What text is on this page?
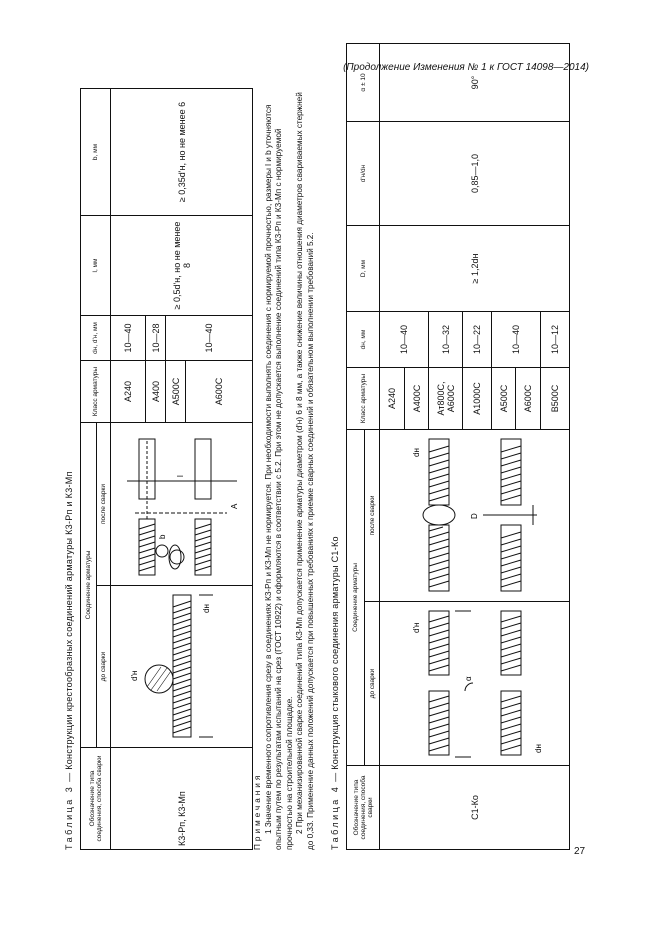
(Продолжение Изменения № 1 к ГОСТ 14098—2014)
Таблица 3 — Конструкции крестообразных соединений арматуры К3-Рп и К3-Мп
Обозначение типа соединения, способа сварки	Соединение арматуры		Класс арматуры	dн, d'н, мм	l, мм	b, мм
	до сварки	после сварки				
К3-Рп, К3-Мп	d'н
dн	b
l
А	А240	10—40	≥ 0,5d'н, но не менее 8	≥ 0,35d'н, но не менее 6
			А400	10—28		
			А500С	10—40		
			А600С			

Примечания 1 Значение временного сопротивления срезу в соединениях К3-Рп и К3-Мп не нормируется. При необходимости выполнять соединения с нормируемой прочностью, размеры l и b уточняются опытным путем по результатам испытаний на срез (ГОСТ 10922) и оформляются в соответствии с 5.2. При этом не допускается выполнение соединений типа К3-Рп и К3-Мп с нормируемой прочностью на строительной площадке. 2 При механизированной сварке соединений типа К3-Мп допускается применение арматуры диаметром (d'н) 6 и 8 мм, а также снижение величины отношения диаметров свариваемых стержней до 0,33. Применение данных положений допускается при повышенных требованиях к приемке сварных соединений и обязательном выполнении требований 5.2. Таблица 4 — Конструкция стыкового соединения арматуры С1-Ко
Обозначение типа соединения, способа сварки	Соединение арматуры		Класс арматуры	dн, мм	D, мм	d'н/dн	α ± 10
	до сварки	после сварки					
С1-Ко	α
dн
d'н	D
dн	А240	10—40	≥ 1,2dн	0,85—1,0	90°
			А400С				
			Ат800С, А600С	10—32			
			А1000С	10—22			
			А500С	10—40			
			А600С				
			В500С	10—12			
27
